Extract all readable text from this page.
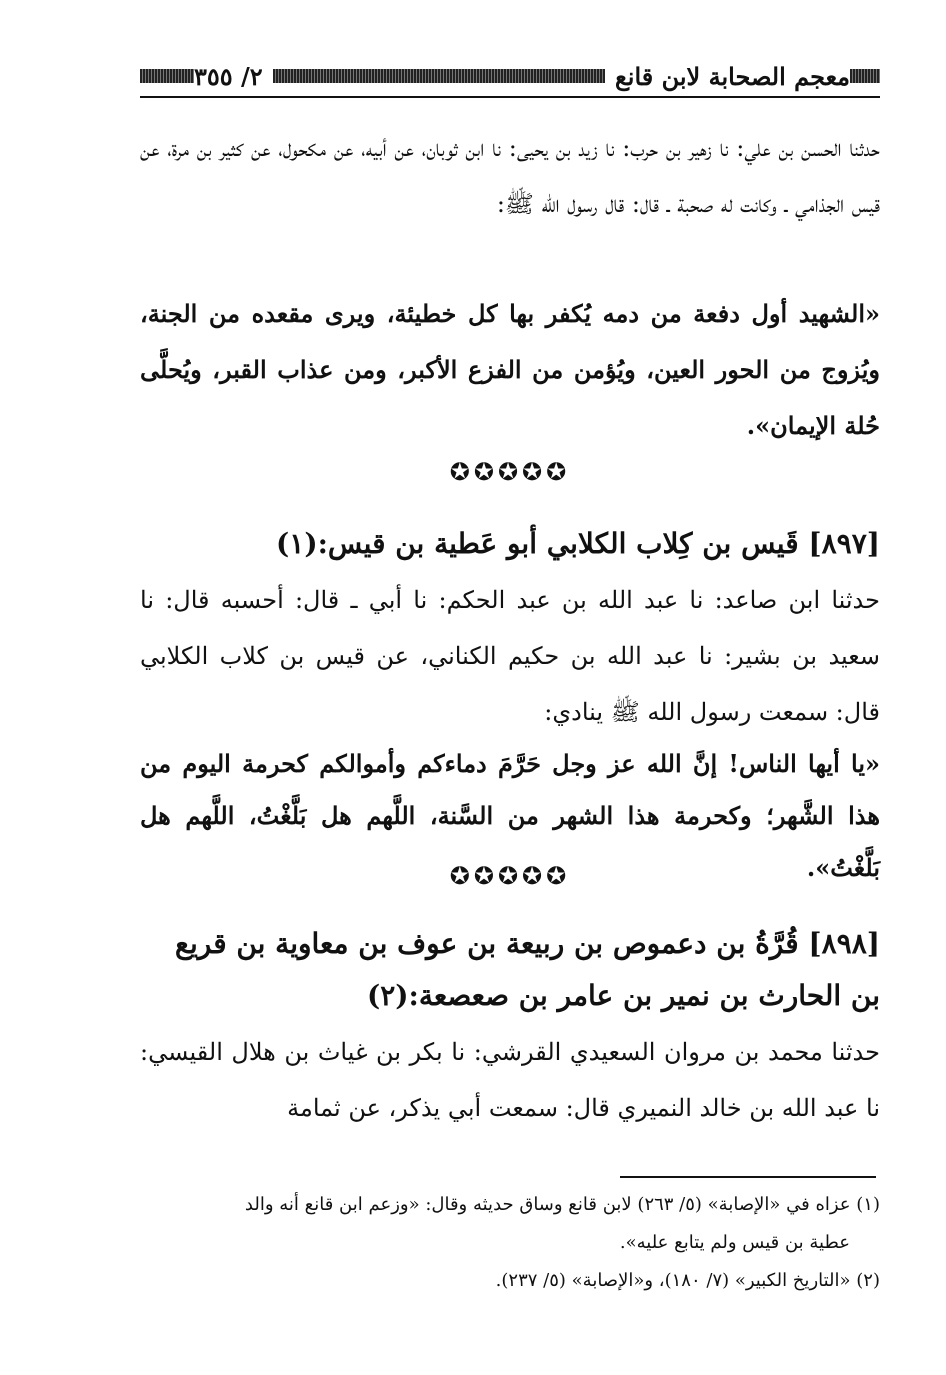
معجم الصحابة لابن قانع
٢/ ٣٥٥
حدثنا الحسن بن علي: نا زهير بن حرب: نا زيد بن يحيى: نا ابن ثوبان، عن أبيه، عن مكحول، عن كثير بن مرة، عن قيس الجذامي ـ وكانت له صحبة ـ قال: قال رسول الله ﷺ:
«الشهيد أول دفعة من دمه يُكفر بها كل خطيئة، ويرى مقعده من الجنة، ويُزوج من الحور العين، ويُؤمن من الفزع الأكبر، ومن عذاب القبر، ويُحلَّى حُلة الإيمان».
✪✪✪✪✪
[٨٩٧] قَيس بن كِلاب الكلابي أبو عَطية بن قيس:(١)
حدثنا ابن صاعد: نا عبد الله بن عبد الحكم: نا أبي ـ قال: أحسبه قال: نا سعيد بن بشير: نا عبد الله بن حكيم الكناني، عن قيس بن كلاب الكلابي قال: سمعت رسول الله ﷺ ينادي:
«يا أيها الناس! إنَّ الله عز وجل حَرَّمَ دماءكم وأموالكم كحرمة اليوم من هذا الشَّهر؛ وكحرمة هذا الشهر من السَّنة، اللَّهم هل بَلَّغْتُ، اللَّهم هل بَلَّغْتُ».
✪✪✪✪✪
[٨٩٨] قُرَّةُ بن دعموص بن ربيعة بن عوف بن معاوية بن قريع بن الحارث بن نمير بن عامر بن صعصعة:(٢)
حدثنا محمد بن مروان السعيدي القرشي: نا بكر بن غياث بن هلال القيسي: نا عبد الله بن خالد النميري قال: سمعت أبي يذكر، عن ثمامة
(١) عزاه في «الإصابة» (٥/ ٢٦٣) لابن قانع وساق حديثه وقال: «وزعم ابن قانع أنه والد
عطية بن قيس ولم يتابع عليه».
(٢) «التاريخ الكبير» (٧/ ١٨٠)، و«الإصابة» (٥/ ٢٣٧).
